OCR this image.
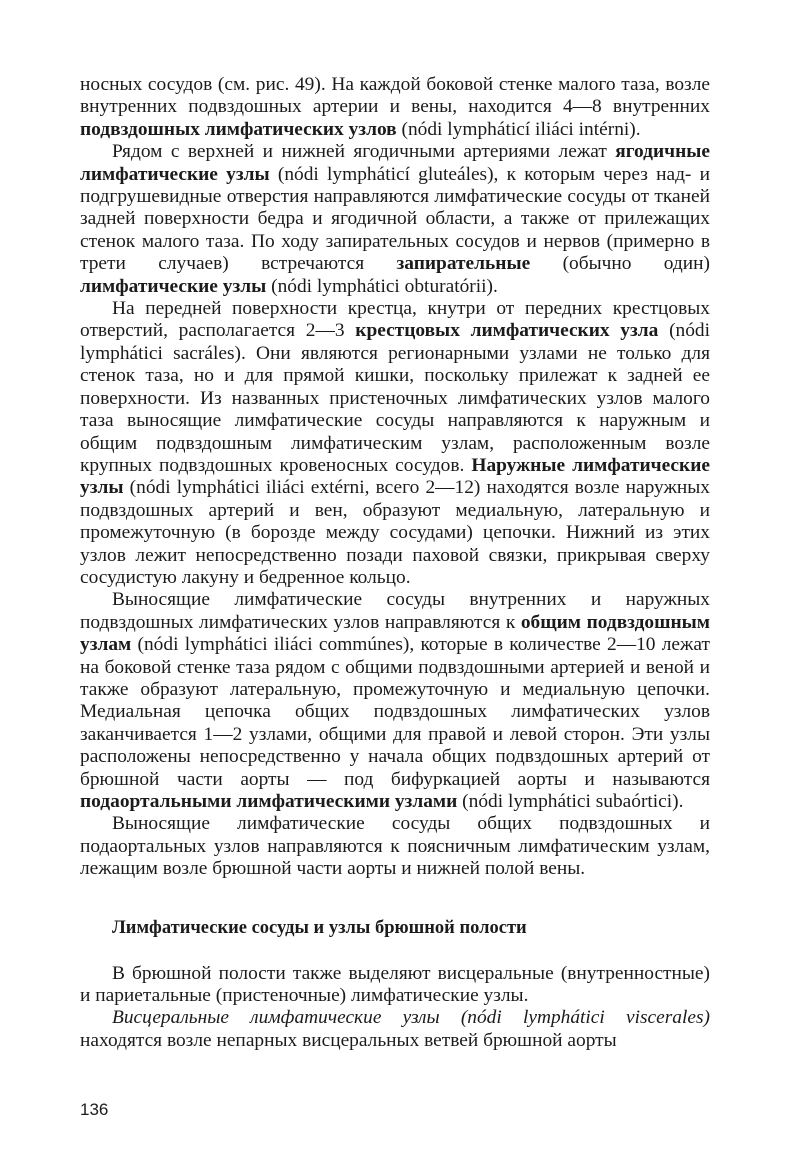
носных сосудов (см. рис. 49). На каждой боковой стенке малого таза, возле внутренних подвздошных артерии и вены, находится 4—8 внутренних подвздошных лимфатических узлов (nódi lympháticí iliáci intérni).

Рядом с верхней и нижней ягодичными артериями лежат ягодичные лимфатические узлы (nódi lympháticí gluteáles), к которым через над- и подгрушевидные отверстия направляются лимфатические сосуды от тканей задней поверхности бедра и ягодичной области, а также от прилежащих стенок малого таза. По ходу запирательных сосудов и нервов (примерно в трети случаев) встречаются запирательные (обычно один) лимфатические узлы (nódi lymphátici obturatórii).

На передней поверхности крестца, кнутри от передних крестцовых отверстий, располагается 2—3 крестцовых лимфатических узла (nódi lymphátici sacráles). Они являются регионарными узлами не только для стенок таза, но и для прямой кишки, поскольку прилежат к задней ее поверхности. Из названных пристеночных лимфатических узлов малого таза выносящие лимфатические сосуды направляются к наружным и общим подвздошным лимфатическим узлам, расположенным возле крупных подвздошных кровеносных сосудов. Наружные лимфатические узлы (nódi lymphátici iliáci extérni, всего 2—12) находятся возле наружных подвздошных артерий и вен, образуют медиальную, латеральную и промежуточную (в борозде между сосудами) цепочки. Нижний из этих узлов лежит непосредственно позади паховой связки, прикрывая сверху сосудистую лакуну и бедренное кольцо.

Выносящие лимфатические сосуды внутренних и наружных подвздошных лимфатических узлов направляются к общим подвздошным узлам (nódi lymphátici iliáci commúnes), которые в количестве 2—10 лежат на боковой стенке таза рядом с общими подвздошными артерией и веной и также образуют латеральную, промежуточную и медиальную цепочки. Медиальная цепочка общих подвздошных лимфатических узлов заканчивается 1—2 узлами, общими для правой и левой сторон. Эти узлы расположены непосредственно у начала общих подвздошных артерий от брюшной части аорты — под бифуркацией аорты и называются подаортальными лимфатическими узлами (nódi lymphátici subaórtici).

Выносящие лимфатические сосуды общих подвздошных и подаортальных узлов направляются к поясничным лимфатическим узлам, лежащим возле брюшной части аорты и нижней полой вены.

Лимфатические сосуды и узлы брюшной полости

В брюшной полости также выделяют висцеральные (внутренностные) и париетальные (пристеночные) лимфатические узлы.

Висцеральные лимфатические узлы (nódi lymphátici viscerales) находятся возле непарных висцеральных ветвей брюшной аорты

136
